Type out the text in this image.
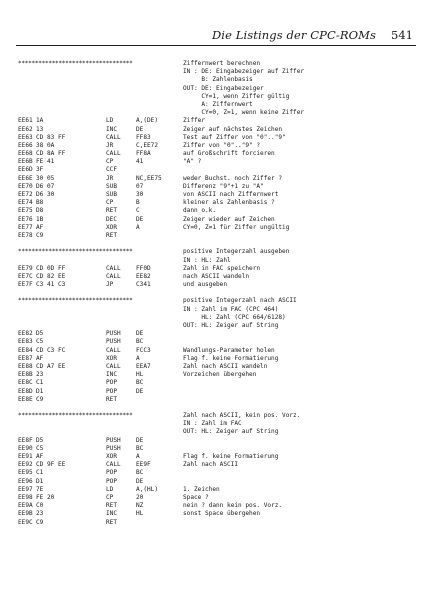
Die Listings der CPC-ROMs 541
**********************************	Ziffernwert berechnen
IN : DE: Eingabezeiger auf Ziffer
B: Zahlenbasis
OUT: DE: Eingabezeiger
CY=1, wenn Ziffer gültig
A: Ziffernwert
CY=0, Z=1, wenn keine Ziffer
EE61 1A	LD	A,(DE)	Ziffer
EE62 13	INC	DE	Zeiger auf nächstes Zeichen
EE63 CD 83 FF	CALL	FF83	Test auf Ziffer von "0".."9"
EE66 38 0A	JR	C,EE72	Ziffer von "0".."9" ?
EE68 CD 8A FF	CALL	FF8A	auf Großschrift forcieren
EE6B FE 41	CP	41	"A" ?
EE6D 3F	CCF
EE6E 30 05	JR	NC,EE75	weder Buchst. noch Ziffer ?
EE70 D6 07	SUB	07	Differenz "9"+1 zu "A"
EE72 D6 30	SUB	30	von ASCII nach Ziffernwert
EE74 B8	CP	B	kleiner als Zahlenbasis ?
EE75 D8	RET	C	dann o.k.
EE76 1B	DEC	DE	Zeiger wieder auf Zeichen
EE77 AF	XOR	A	CY=0, Z=1 für Ziffer ungültig
EE78 C9	RET
**********************************	positive Integerzahl ausgeben
IN : HL: Zahl
EE79 CD 0D FF	CALL	FF0D	Zahl in FAC speichern
EE7C CD 82 EE	CALL	EE82	nach ASCII wandeln
EE7F C3 41 C3	JP	C341	und ausgeben
**********************************	positive Integerzahl nach ASCII
IN : Zahl im FAC (CPC 464)
HL: Zahl (CPC 664/6128)
OUT: HL: Zeiger auf String
EE82 D5	PUSH	DE
EE83 C5	PUSH	BC
EE84 CD C3 FC	CALL	FCC3	Wandlungs-Parameter holen
EE87 AF	XOR	A	Flag f. keine Formatierung
EE88 CD A7 EE	CALL	EEA7	Zahl nach ASCII wandeln
EE8B 23	INC	HL	Vorzeichen übergehen
EE8C C1	POP	BC
EE8D D1	POP	DE
EE8E C9	RET
**********************************	Zahl nach ASCII, kein pos. Vorz.
IN : Zahl im FAC
OUT: HL: Zeiger auf String
EE8F D5	PUSH	DE
EE90 C5	PUSH	BC
EE91 AF	XOR	A	Flag f. keine Formatierung
EE92 CD 9F EE	CALL	EE9F	Zahl nach ASCII
EE95 C1	POP	BC
EE96 D1	POP	DE
EE97 7E	LD	A,(HL)	1. Zeichen
EE98 FE 20	CP	20	Space ?
EE9A C0	RET	NZ	nein ? dann kein pos. Vorz.
EE9B 23	INC	HL	sonst Space übergehen
EE9C C9	RET
